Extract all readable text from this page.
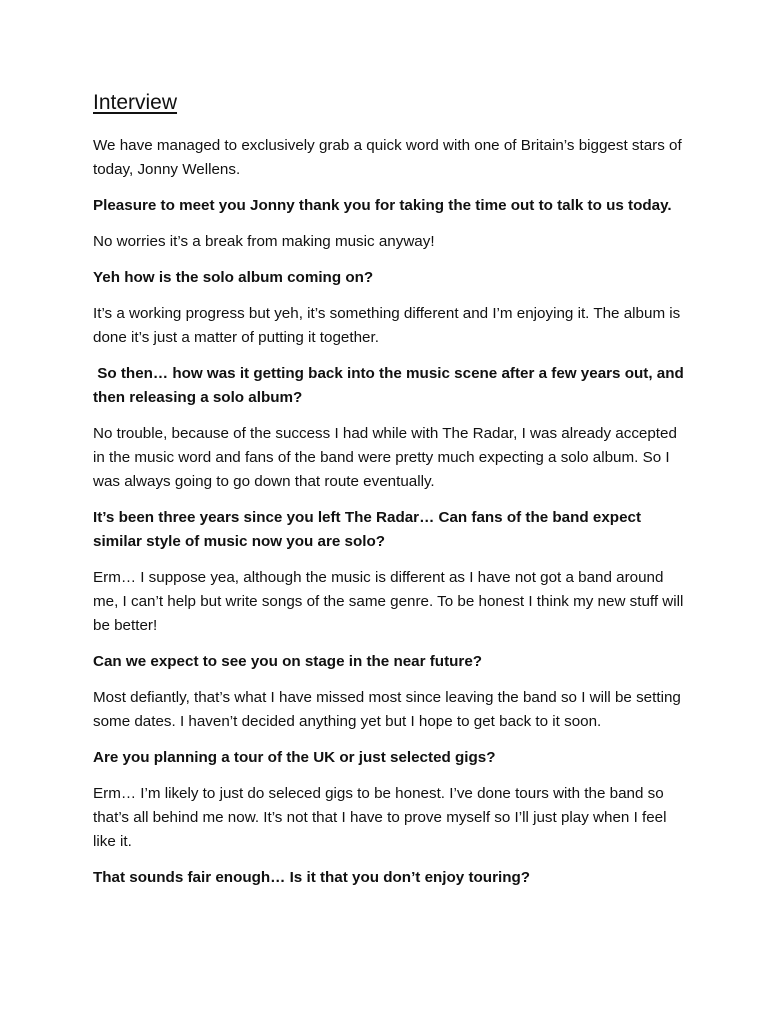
Interview

We have managed to exclusively grab a quick word with one of Britain’s biggest stars of today, Jonny Wellens.

Pleasure to meet you Jonny thank you for taking the time out to talk to us today.

No worries it’s a break from making music anyway!

Yeh how is the solo album coming on?

It’s a working progress but yeh, it’s something different and I’m enjoying it. The album is done it’s just a matter of putting it together.

So then… how was it getting back into the music scene after a few years out, and then releasing a solo album?

No trouble, because of the success I had while with The Radar, I was already accepted in the music word and fans of the band were pretty much expecting a solo album. So I was always going to go down that route eventually.

It’s been three years since you left The Radar… Can fans of the band expect similar style of music now you are solo?

Erm… I suppose yea, although the music is different as I have not got a band around me, I can’t help but write songs of the same genre. To be honest I think my new stuff will be better!

Can we expect to see you on stage in the near future?

Most defiantly, that’s what I have missed most since leaving the band so I will be setting some dates. I haven’t decided anything yet but I hope to get back to it soon.

Are you planning a tour of the UK or just selected gigs?

Erm… I’m likely to just do seleced gigs to be honest. I’ve done tours with the band so that’s all behind me now. It’s not that I have to prove myself so I’ll just play when I feel like it.

That sounds fair enough… Is it that you don’t enjoy touring?
